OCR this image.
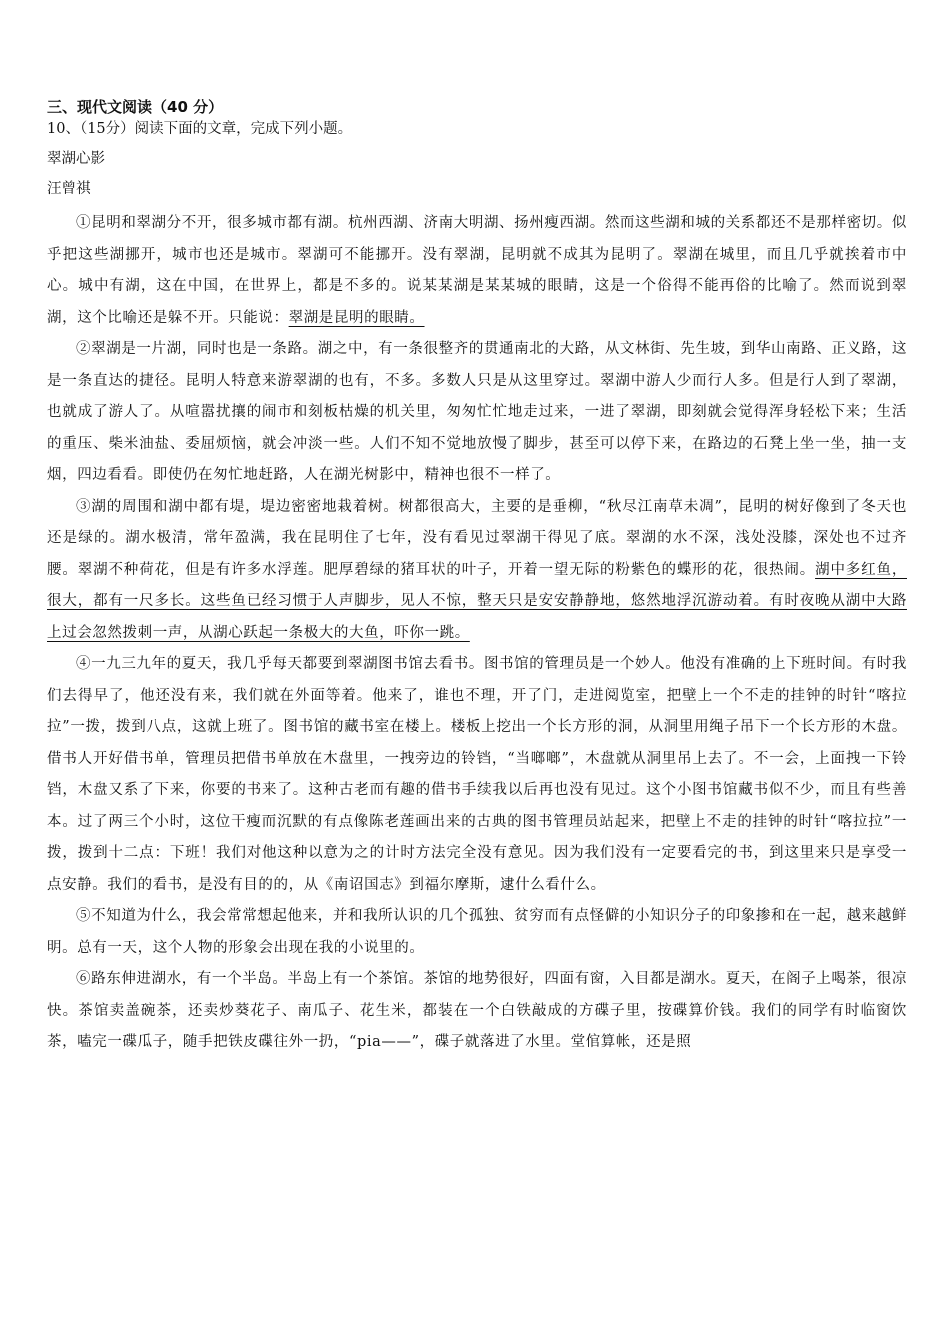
三、现代文阅读（40 分）

10、（15分）阅读下面的文章，完成下列小题。

翠湖心影

汪曾祺

①昆明和翠湖分不开，很多城市都有湖。杭州西湖、济南大明湖、扬州瘦西湖。然而这些湖和城的关系都还不是那样密切。似乎把这些湖挪开，城市也还是城市。翠湖可不能挪开。没有翠湖，昆明就不成其为昆明了。翠湖在城里，而且几乎就挨着市中心。城中有湖，这在中国，在世界上，都是不多的。说某某湖是某某城的眼睛，这是一个俗得不能再俗的比喻了。然而说到翠湖，这个比喻还是躲不开。只能说：翠湖是昆明的眼睛。

②翠湖是一片湖，同时也是一条路。湖之中，有一条很整齐的贯通南北的大路，从文林街、先生坡，到华山南路、正义路，这是一条直达的捷径。昆明人特意来游翠湖的也有，不多。多数人只是从这里穿过。翠湖中游人少而行人多。但是行人到了翠湖，也就成了游人了。从喧嚣扰攘的闹市和刻板枯燥的机关里，匆匆忙忙地走过来，一进了翠湖，即刻就会觉得浑身轻松下来；生活的重压、柴米油盐、委屈烦恼，就会冲淡一些。人们不知不觉地放慢了脚步，甚至可以停下来，在路边的石凳上坐一坐，抽一支烟，四边看看。即使仍在匆忙地赶路，人在湖光树影中，精神也很不一样了。

③湖的周围和湖中都有堤，堤边密密地栽着树。树都很高大，主要的是垂柳，“秋尽江南草未凋”，昆明的树好像到了冬天也还是绿的。湖水极清，常年盈满，我在昆明住了七年，没有看见过翠湖干得见了底。翠湖的水不深，浅处没膝，深处也不过齐腰。翠湖不种荷花，但是有许多水浮莲。肥厚碧绿的猪耳状的叶子，开着一望无际的粉紫色的蝶形的花，很热闹。湖中多红鱼，很大，都有一尺多长。这些鱼已经习惯于人声脚步，见人不惊，整天只是安安静静地，悠然地浮沉游动着。有时夜晚从湖中大路上过会忽然拨刺一声，从湖心跃起一条极大的大鱼，吓你一跳。

④一九三九年的夏天，我几乎每天都要到翠湖图书馆去看书。图书馆的管理员是一个妙人。他没有准确的上下班时间。有时我们去得早了，他还没有来，我们就在外面等着。他来了，谁也不理，开了门，走进阅览室，把壁上一个不走的挂钟的时针“喀拉拉”一拨，拨到八点，这就上班了。图书馆的藏书室在楼上。楼板上挖出一个长方形的洞，从洞里用绳子吊下一个长方形的木盘。借书人开好借书单，管理员把借书单放在木盘里，一拽旁边的铃铛，“当啷啷”，木盘就从洞里吊上去了。不一会，上面拽一下铃铛，木盘又系了下来，你要的书来了。这种古老而有趣的借书手续我以后再也没有见过。这个小图书馆藏书似不少，而且有些善本。过了两三个小时，这位干瘦而沉默的有点像陈老莲画出来的古典的图书管理员站起来，把壁上不走的挂钟的时针“喀拉拉”一拨，拨到十二点：下班！我们对他这种以意为之的计时方法完全没有意见。因为我们没有一定要看完的书，到这里来只是享受一点安静。我们的看书，是没有目的的，从《南诏国志》到福尔摩斯，逮什么看什么。

⑤不知道为什么，我会常常想起他来，并和我所认识的几个孤独、贫穷而有点怪僻的小知识分子的印象掺和在一起，越来越鲜明。总有一天，这个人物的形象会出现在我的小说里的。

⑥路东伸进湖水，有一个半岛。半岛上有一个茶馆。茶馆的地势很好，四面有窗，入目都是湖水。夏天，在阁子上喝茶，很凉快。茶馆卖盖碗茶，还卖炒葵花子、南瓜子、花生米，都装在一个白铁敲成的方碟子里，按碟算价钱。我们的同学有时临窗饮茶，嗑完一碟瓜子，随手把铁皮碟往外一扔，“pia——”，碟子就落进了水里。堂倌算帐，还是照
